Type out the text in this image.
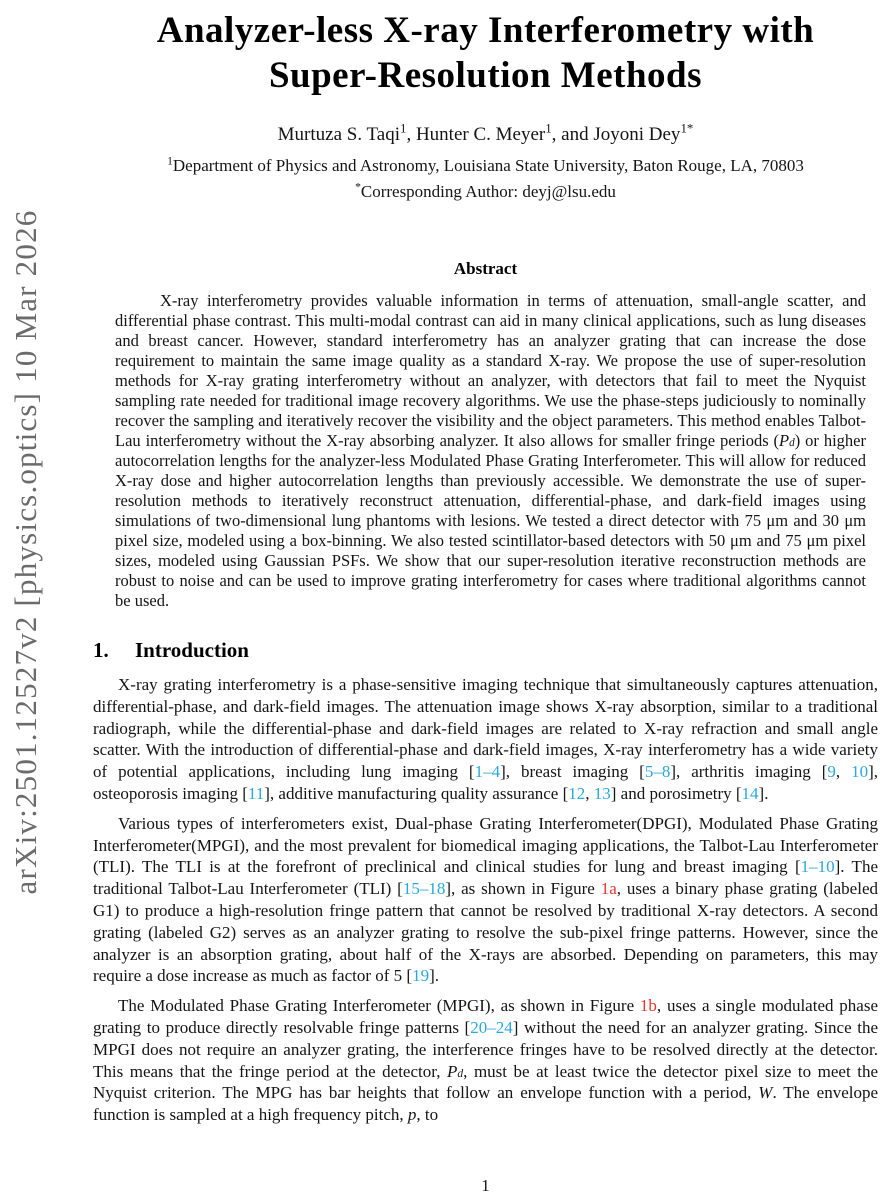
arXiv:2501.12527v2 [physics.optics] 10 Mar 2026
Analyzer-less X-ray Interferometry with
Super-Resolution Methods

Murtuza S. Taqi$^1$, Hunter C. Meyer$^1$, and Joyoni Dey$^{1*}$

$^1$Department of Physics and Astronomy, Louisiana State University, Baton Rouge, LA, 70803

*Corresponding Author: deyj@lsu.edu

Abstract

X-ray interferometry provides valuable information in terms of attenuation, small-angle scatter, and differential phase contrast. This multi-modal contrast can aid in many clinical applications, such as lung diseases and breast cancer. However, standard interferometry has an analyzer grating that can increase the dose requirement to maintain the same image quality as a standard X-ray. We propose the use of super-resolution methods for X-ray grating interferometry without an analyzer, with detectors that fail to meet the Nyquist sampling rate needed for traditional image recovery algorithms. We use the phase-steps judiciously to nominally recover the sampling and iteratively recover the visibility and the object parameters. This method enables Talbot-Lau interferometry without the X-ray absorbing analyzer. It also allows for smaller fringe periods (Pd) or higher autocorrelation lengths for the analyzer-less Modulated Phase Grating Interferometer. This will allow for reduced X-ray dose and higher autocorrelation lengths than previously accessible. We demonstrate the use of super-resolution methods to iteratively reconstruct attenuation, differential-phase, and dark-field images using simulations of two-dimensional lung phantoms with lesions. We tested a direct detector with 75 μm and 30 μm pixel size, modeled using a box-binning. We also tested scintillator-based detectors with 50 μm and 75 μm pixel sizes, modeled using Gaussian PSFs. We show that our super-resolution iterative reconstruction methods are robust to noise and can be used to improve grating interferometry for cases where traditional algorithms cannot be used.

1. Introduction

X-ray grating interferometry is a phase-sensitive imaging technique that simultaneously captures attenuation, differential-phase, and dark-field images. The attenuation image shows X-ray absorption, similar to a traditional radiograph, while the differential-phase and dark-field images are related to X-ray refraction and small angle scatter. With the introduction of differential-phase and dark-field images, X-ray interferometry has a wide variety of potential applications, including lung imaging [1–4], breast imaging [5–8], arthritis imaging [9, 10], osteoporosis imaging [11], additive manufacturing quality assurance [12, 13] and porosimetry [14].

Various types of interferometers exist, Dual-phase Grating Interferometer(DPGI), Modulated Phase Grating Interferometer(MPGI), and the most prevalent for biomedical imaging applications, the Talbot-Lau Interferometer (TLI). The TLI is at the forefront of preclinical and clinical studies for lung and breast imaging [1–10]. The traditional Talbot-Lau Interferometer (TLI) [15–18], as shown in Figure 1a, uses a binary phase grating (labeled G1) to produce a high-resolution fringe pattern that cannot be resolved by traditional X-ray detectors. A second grating (labeled G2) serves as an analyzer grating to resolve the sub-pixel fringe patterns. However, since the analyzer is an absorption grating, about half of the X-rays are absorbed. Depending on parameters, this may require a dose increase as much as factor of 5 [19].

The Modulated Phase Grating Interferometer (MPGI), as shown in Figure 1b, uses a single modulated phase grating to produce directly resolvable fringe patterns [20–24] without the need for an analyzer grating. Since the MPGI does not require an analyzer grating, the interference fringes have to be resolved directly at the detector. This means that the fringe period at the detector, Pd, must be at least twice the detector pixel size to meet the Nyquist criterion. The MPG has bar heights that follow an envelope function with a period, W. The envelope function is sampled at a high frequency pitch, p, to

1
